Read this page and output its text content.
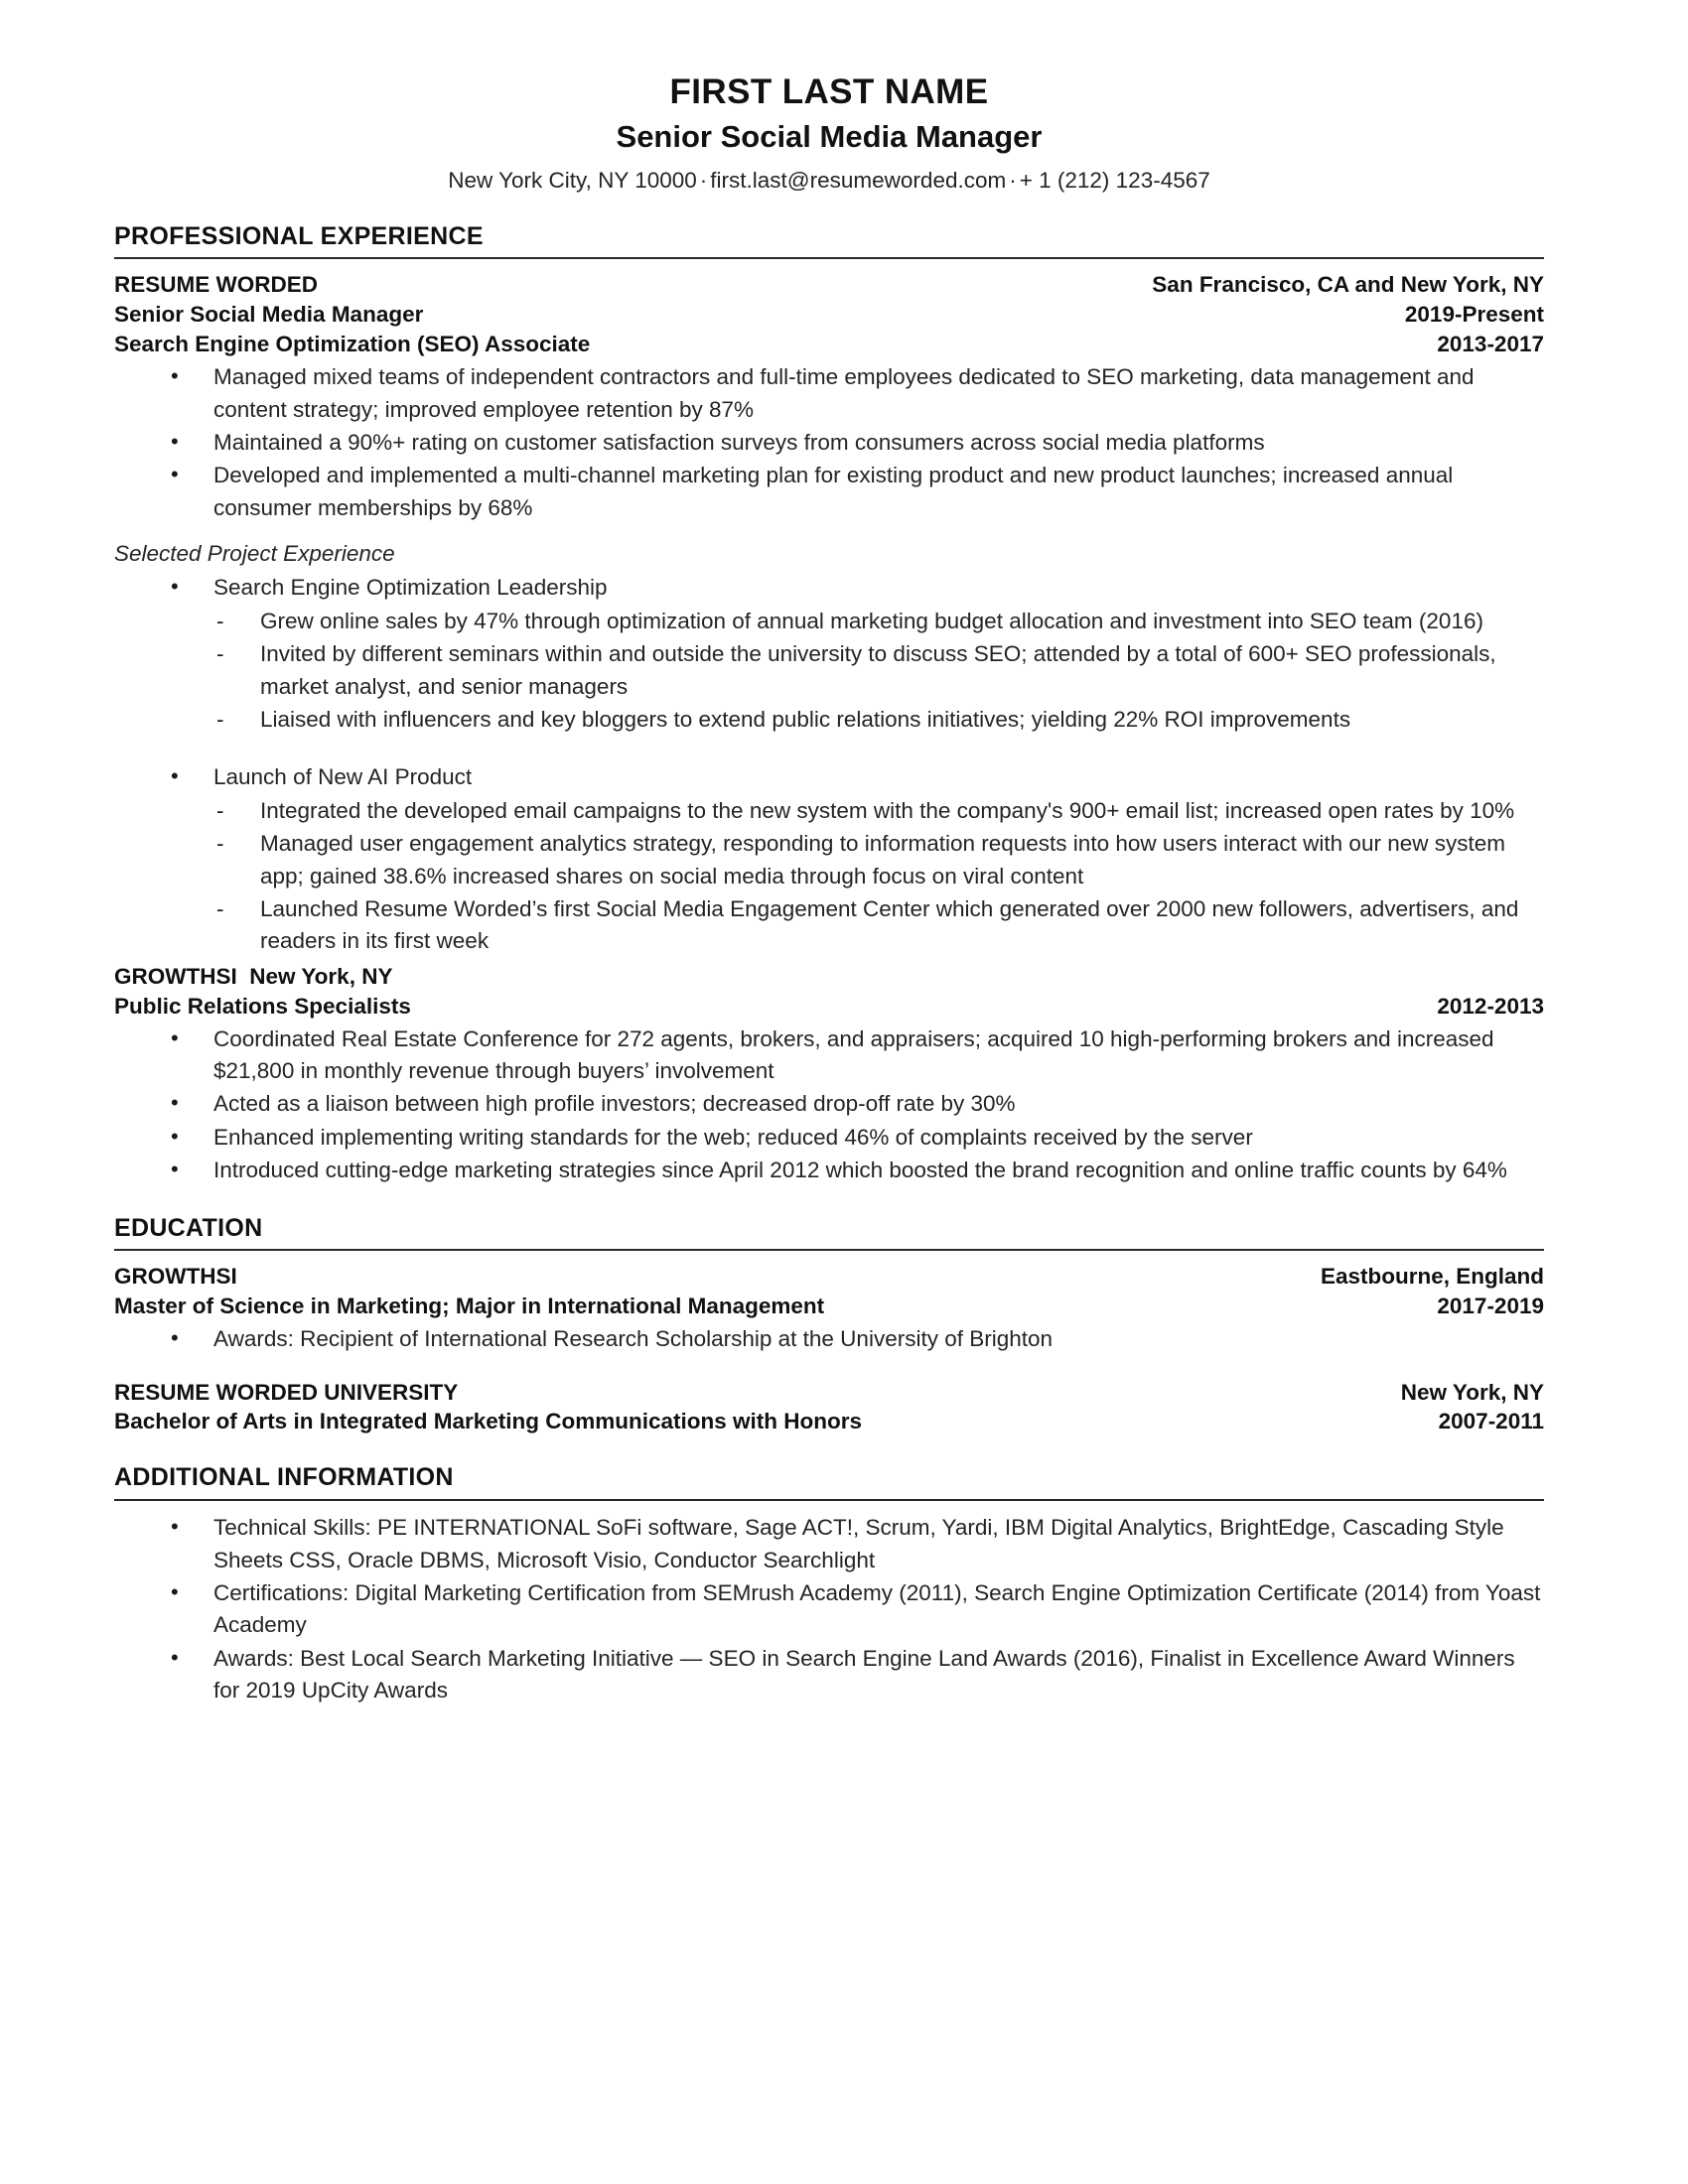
FIRST LAST NAME
Senior Social Media Manager
New York City, NY 10000 · first.last@resumeworded.com · + 1 (212) 123-4567
PROFESSIONAL EXPERIENCE
RESUME WORDED	San Francisco, CA and New York, NY
Senior Social Media Manager	2019-Present
Search Engine Optimization (SEO) Associate	2013-2017
• Managed mixed teams of independent contractors and full-time employees dedicated to SEO marketing, data management and content strategy; improved employee retention by 87%
• Maintained a 90%+ rating on customer satisfaction surveys from consumers across social media platforms
• Developed and implemented a multi-channel marketing plan for existing product and new product launches; increased annual consumer memberships by 68%
Selected Project Experience
• Search Engine Optimization Leadership
- Grew online sales by 47% through optimization of annual marketing budget allocation and investment into SEO team (2016)
- Invited by different seminars within and outside the university to discuss SEO; attended by a total of 600+ SEO professionals, market analyst, and senior managers
- Liaised with influencers and key bloggers to extend public relations initiatives; yielding 22% ROI improvements
• Launch of New AI Product
- Integrated the developed email campaigns to the new system with the company's 900+ email list; increased open rates by 10%
- Managed user engagement analytics strategy, responding to information requests into how users interact with our new system app; gained 38.6% increased shares on social media through focus on viral content
- Launched Resume Worded’s first Social Media Engagement Center which generated over 2000 new followers, advertisers, and readers in its first week
GROWTHSI  New York, NY
Public Relations Specialists	2012-2013
• Coordinated Real Estate Conference for 272 agents, brokers, and appraisers; acquired 10 high-performing brokers and increased $21,800 in monthly revenue through buyers’ involvement
• Acted as a liaison between high profile investors; decreased drop-off rate by 30%
• Enhanced implementing writing standards for the web; reduced 46% of complaints received by the server
• Introduced cutting-edge marketing strategies since April 2012 which boosted the brand recognition and online traffic counts by 64%
EDUCATION
GROWTHSI	Eastbourne, England
Master of Science in Marketing; Major in International Management	2017-2019
• Awards: Recipient of International Research Scholarship at the University of Brighton
RESUME WORDED UNIVERSITY	New York, NY
Bachelor of Arts in Integrated Marketing Communications with Honors	2007-2011
ADDITIONAL INFORMATION
• Technical Skills: PE INTERNATIONAL SoFi software, Sage ACT!, Scrum, Yardi, IBM Digital Analytics, BrightEdge, Cascading Style Sheets CSS, Oracle DBMS, Microsoft Visio, Conductor Searchlight
• Certifications: Digital Marketing Certification from SEMrush Academy (2011), Search Engine Optimization Certificate (2014) from Yoast Academy
• Awards: Best Local Search Marketing Initiative — SEO in Search Engine Land Awards (2016), Finalist in Excellence Award Winners for 2019 UpCity Awards
